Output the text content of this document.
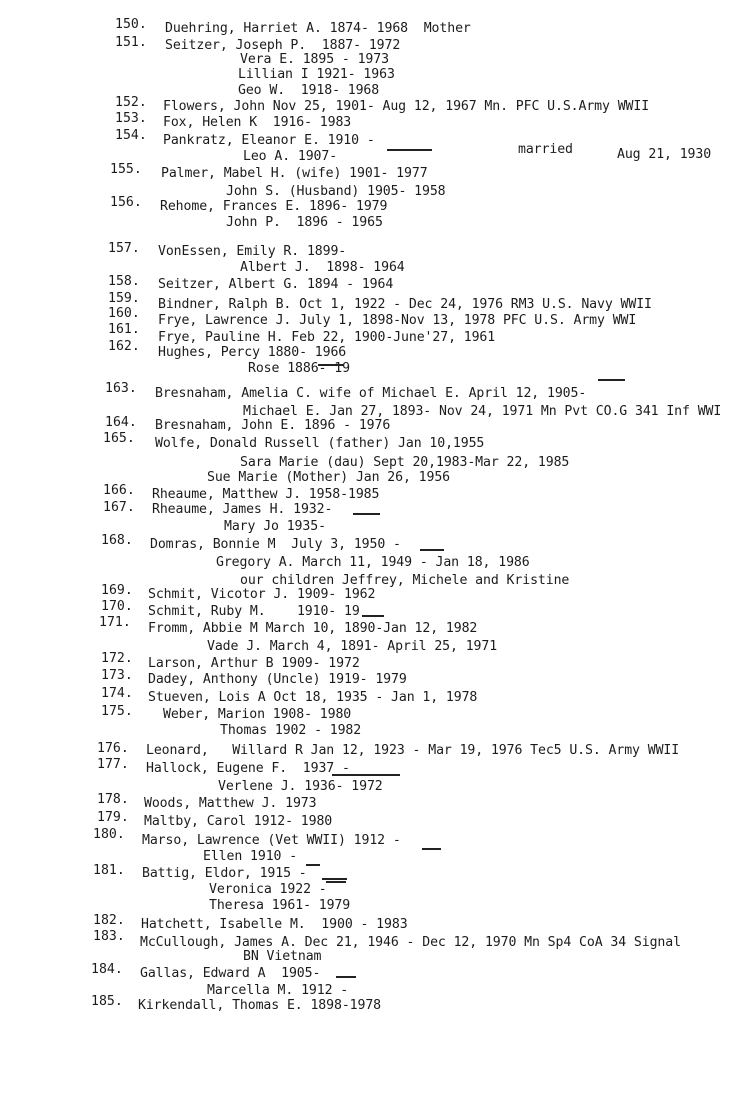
150. Duehring, Harriet A. 1874- 1968  Mother
151. Seitzer, Joseph P.  1887- 1972
Vera E. 1895 - 1973
Lillian I 1921- 1963
Geo W.  1918- 1968
152. Flowers, John Nov 25, 1901- Aug 12, 1967 Mn. PFC U.S.Army WWII
153. Fox, Helen K  1916- 1983
154. Pankratz, Eleanor E. 1910 -
Leo A. 1907-	married	Aug 21, 1930
155. Palmer, Mabel H. (wife) 1901- 1977
John S. (Husband) 1905- 1958
156. Rehome, Frances E. 1896- 1979
John P.  1896 - 1965
157. VonEssen, Emily R. 1899-
Albert J.  1898- 1964
158. Seitzer, Albert G. 1894 - 1964
159. Bindner, Ralph B. Oct 1, 1922 - Dec 24, 1976 RM3 U.S. Navy WWII
160. Frye, Lawrence J. July 1, 1898-Nov 13, 1978 PFC U.S. Army WWI
161.
Frye, Pauline H. Feb 22, 1900-June'27, 1961
162. Hughes, Percy 1880- 1966
Rose 1886- 19
163. Bresnaham, Amelia C. wife of Michael E. April 12, 1905-
Michael E. Jan 27, 1893- Nov 24, 1971 Mn Pvt CO.G 341 Inf WWI
164. Bresnaham, John E. 1896 - 1976
165. Wolfe, Donald Russell (father) Jan 10,1955
Sara Marie (dau) Sept 20,1983-Mar 22, 1985
Sue Marie (Mother) Jan 26, 1956
166. Rheaume, Matthew J. 1958-1985
167. Rheaume, James H. 1932-
Mary Jo 1935-
168. Domras, Bonnie M  July 3, 1950 -
Gregory A. March 11, 1949 - Jan 18, 1986
our children Jeffrey, Michele and Kristine
169. Schmit, Vicotor J. 1909- 1962
170. Schmit, Ruby M.    1910- 19
171. Fromm, Abbie M March 10, 1890-Jan 12, 1982
Vade J. March 4, 1891- April 25, 1971
172. Larson, Arthur B 1909- 1972
173. Dadey, Anthony (Uncle) 1919- 1979
174. Stueven, Lois A Oct 18, 1935 - Jan 1, 1978
175. Weber, Marion 1908- 1980
Thomas 1902 - 1982
176. Leonard,   Willard R Jan 12, 1923 - Mar 19, 1976 Tec5 U.S. Army WWII
177. Hallock, Eugene F.  1937 -
Verlene J. 1936- 1972
178. Woods, Matthew J. 1973
179. Maltby, Carol 1912- 1980
180. Marso, Lawrence (Vet WWII) 1912 -
Ellen 1910 -
181. Battig, Eldor, 1915 -
Veronica 1922 -
Theresa 1961- 1979
182. Hatchett, Isabelle M.  1900 - 1983
183. McCullough, James A. Dec 21, 1946 - Dec 12, 1970 Mn Sp4 CoA 34 Signal
BN Vietnam
184. Gallas, Edward A  1905-
Marcella M. 1912 -
185. Kirkendall, Thomas E. 1898-1978
